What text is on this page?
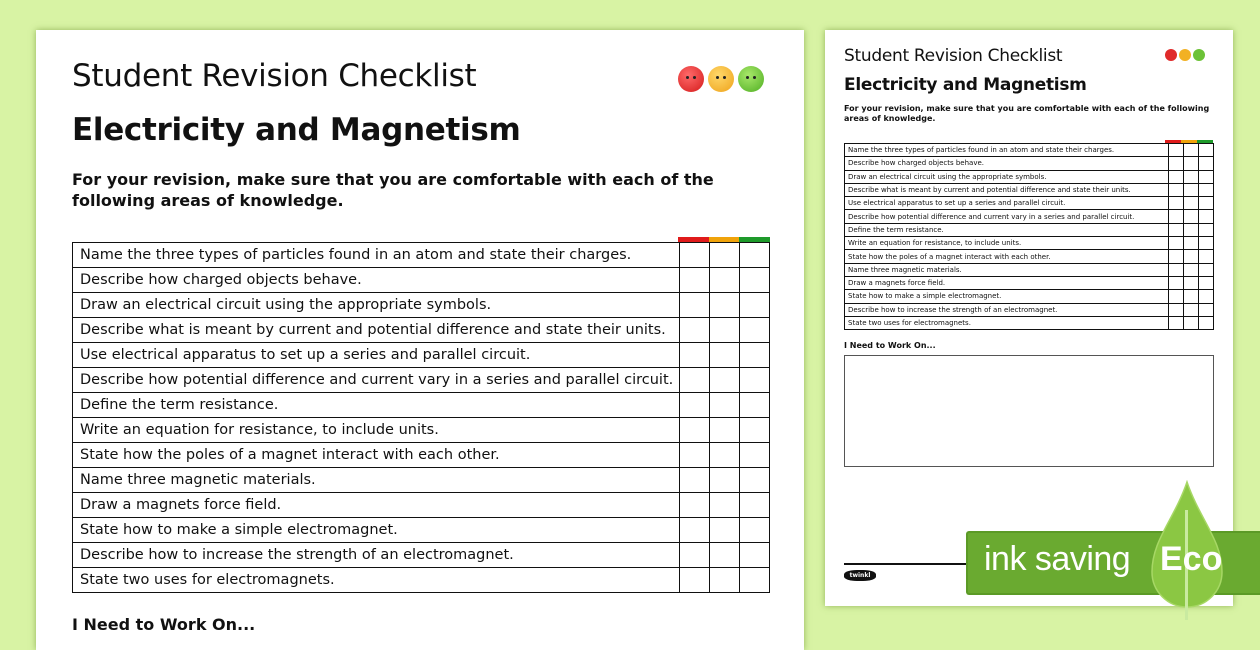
Student Revision Checklist
Electricity and Magnetism
For your revision, make sure that you are comfortable with each of the following areas of knowledge.
Name the three types of particles found in an atom and state their charges.			
Describe how charged objects behave.			
Draw an electrical circuit using the appropriate symbols.			
Describe what is meant by current and potential difference and state their units.			
Use electrical apparatus to set up a series and parallel circuit.			
Describe how potential difference and current vary in a series and parallel circuit.			
Define the term resistance.			
Write an equation for resistance, to include units.			
State how the poles of a magnet interact with each other.			
Name three magnetic materials.			
Draw a magnets force field.			
State how to make a simple electromagnet.			
Describe how to increase the strength of an electromagnet.			
State two uses for electromagnets.			
I Need to Work On...
Student Revision Checklist
Electricity and Magnetism
For your revision, make sure that you are comfortable with each of the following areas of knowledge.
Name the three types of particles found in an atom and state their charges.			
Describe how charged objects behave.			
Draw an electrical circuit using the appropriate symbols.			
Describe what is meant by current and potential difference and state their units.			
Use electrical apparatus to set up a series and parallel circuit.			
Describe how potential difference and current vary in a series and parallel circuit.			
Define the term resistance.			
Write an equation for resistance, to include units.			
State how the poles of a magnet interact with each other.			
Name three magnetic materials.			
Draw a magnets force field.			
State how to make a simple electromagnet.			
Describe how to increase the strength of an electromagnet.			
State two uses for electromagnets.			
I Need to Work On...
twinkl	ink saving Eco
